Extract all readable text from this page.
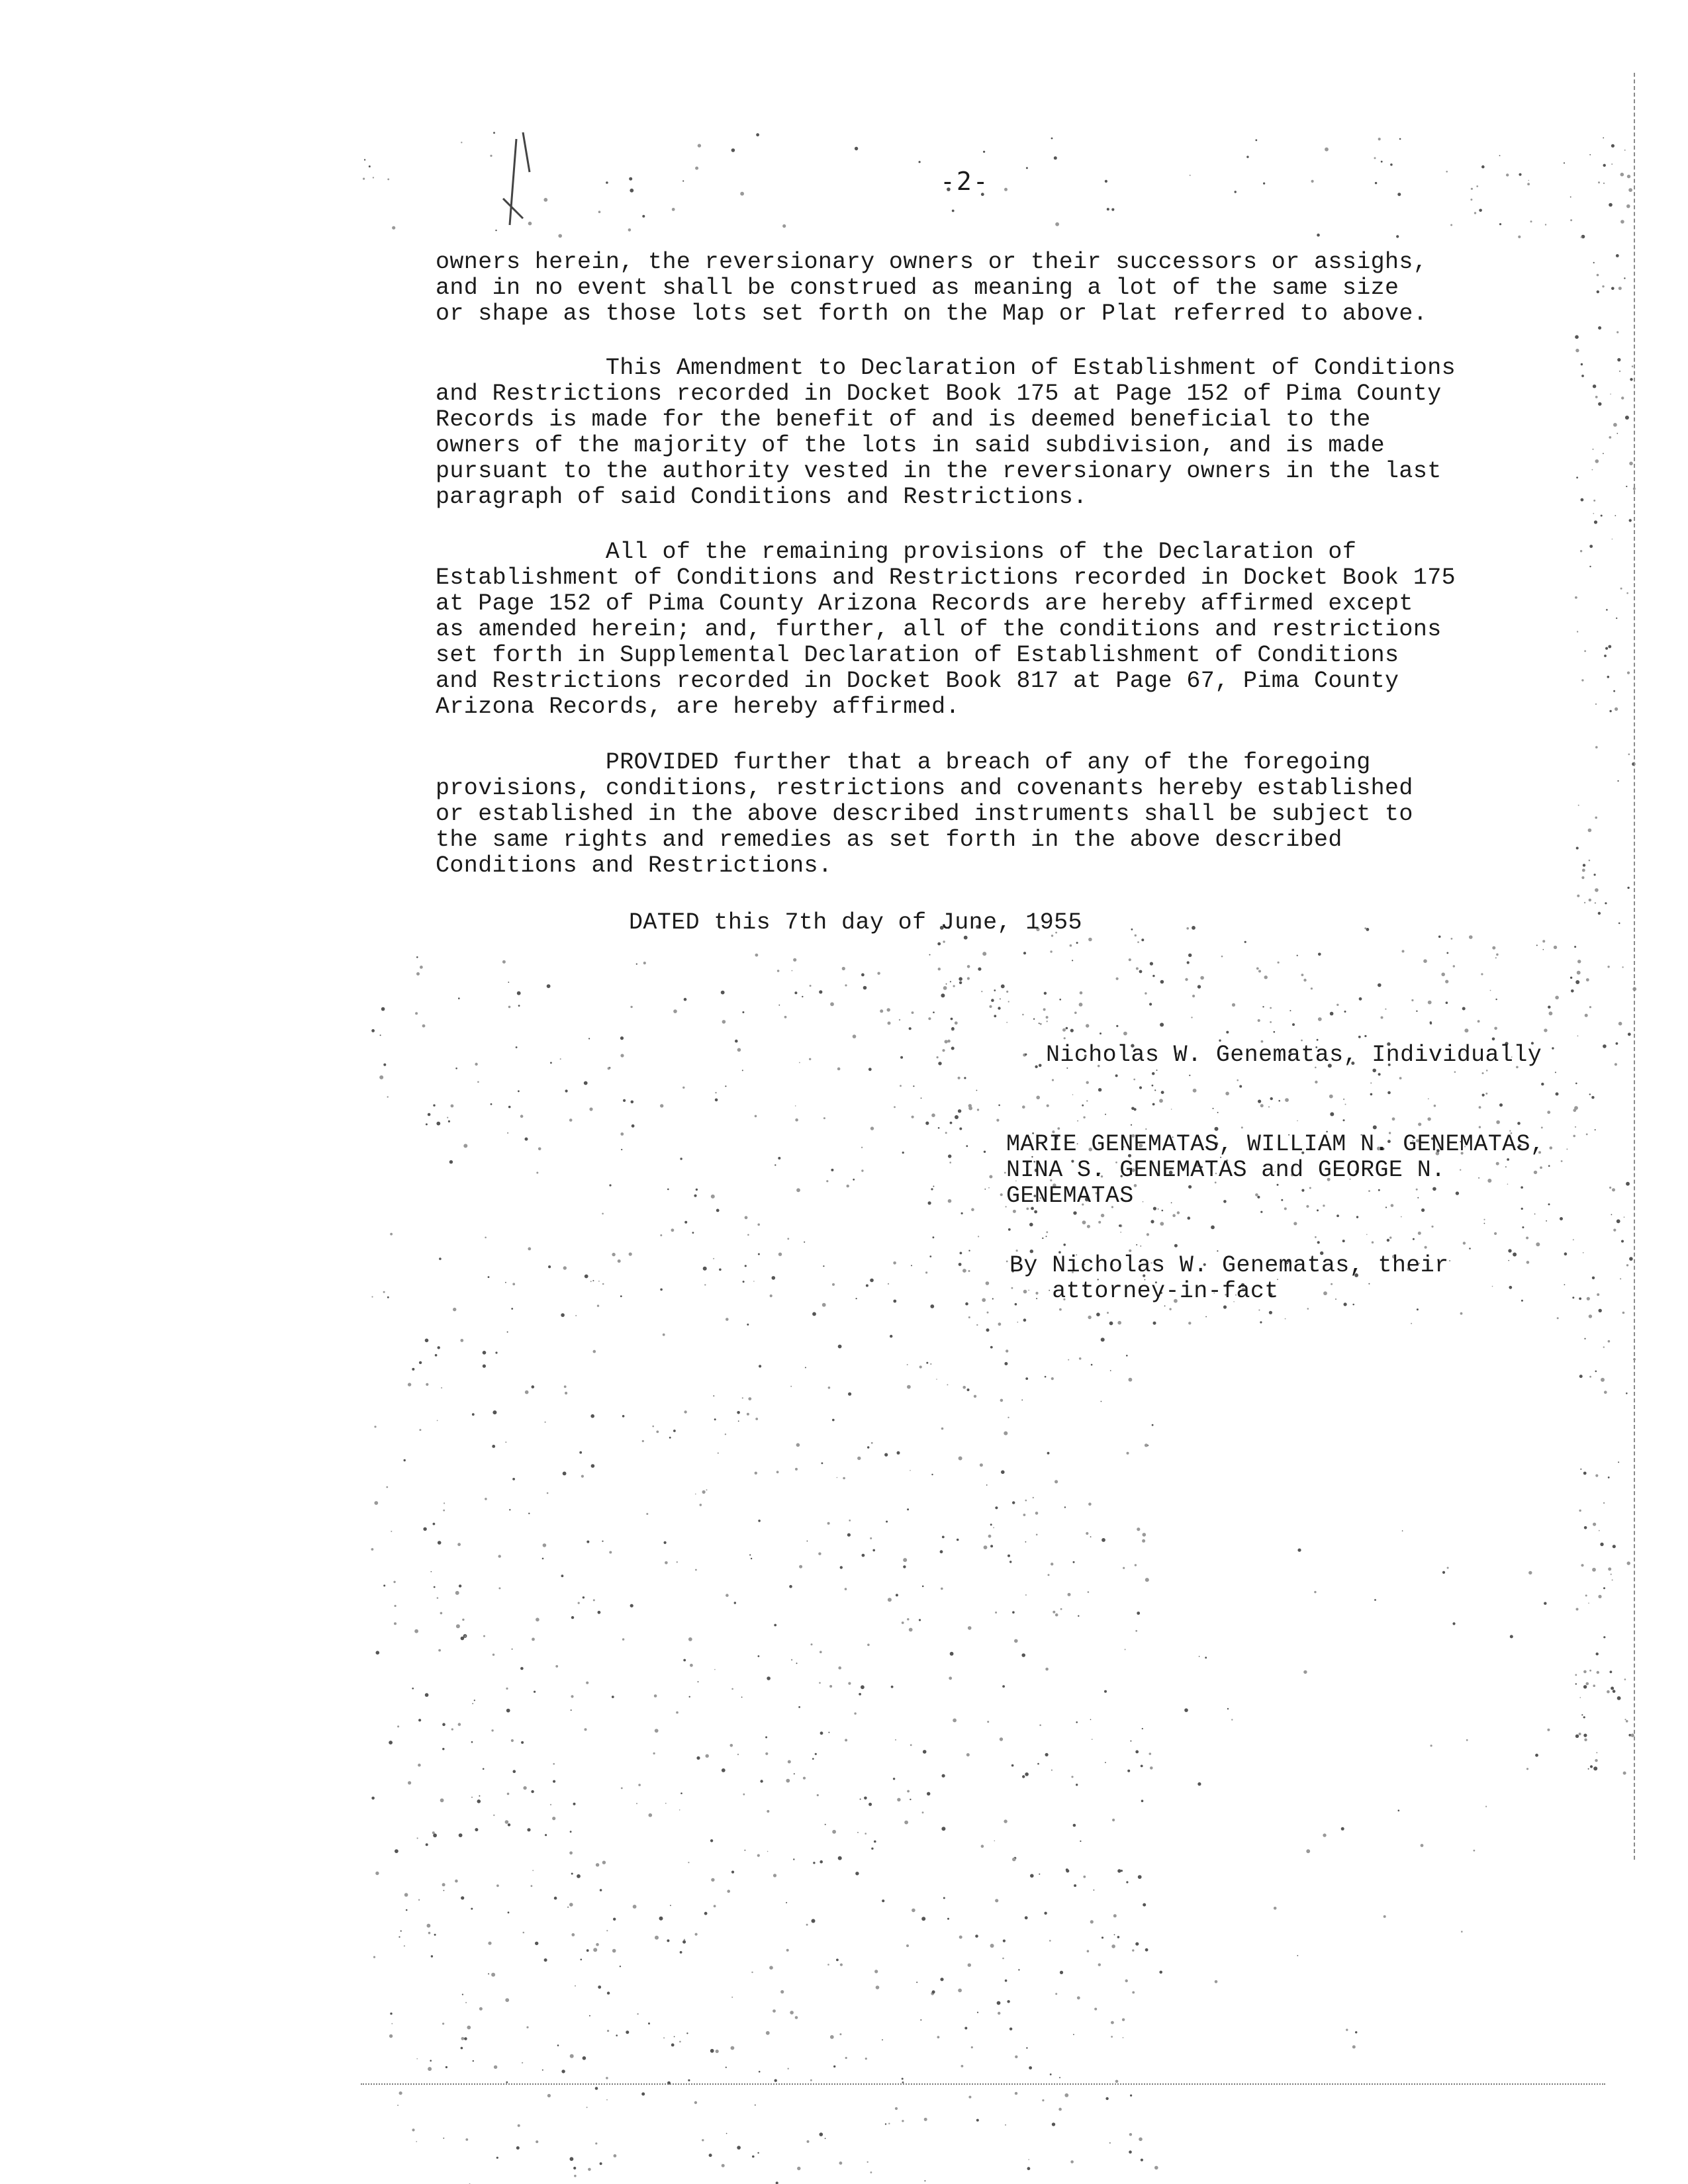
-2-
owners herein, the reversionary owners or their successors or assighs,
and in no event shall be construed as meaning a lot of the same size
or shape as those lots set forth on the Map or Plat referred to above.
This Amendment to Declaration of Establishment of Conditions
and Restrictions recorded in Docket Book 175 at Page 152 of Pima County
Records is made for the benefit of and is deemed beneficial to the
owners of the majority of the lots in said subdivision, and is made
pursuant to the authority vested in the reversionary owners in the last
paragraph of said Conditions and Restrictions.
All of the remaining provisions of the Declaration of
Establishment of Conditions and Restrictions recorded in Docket Book 175
at Page 152 of Pima County Arizona Records are hereby affirmed except
as amended herein; and, further, all of the conditions and restrictions
set forth in Supplemental Declaration of Establishment of Conditions
and Restrictions recorded in Docket Book 817 at Page 67, Pima County
Arizona Records, are hereby affirmed.
PROVIDED further that a breach of any of the foregoing
provisions, conditions, restrictions and covenants hereby established
or established in the above described instruments shall be subject to
the same rights and remedies as set forth in the above described
Conditions and Restrictions.
DATED this 7th day of June, 1955
Nicholas W. Genematas, Individually
MARIE GENEMATAS, WILLIAM N. GENEMATAS,
NINA S. GENEMATAS and GEORGE N.
GENEMATAS
By Nicholas W. Genematas, their
attorney-in-fact
